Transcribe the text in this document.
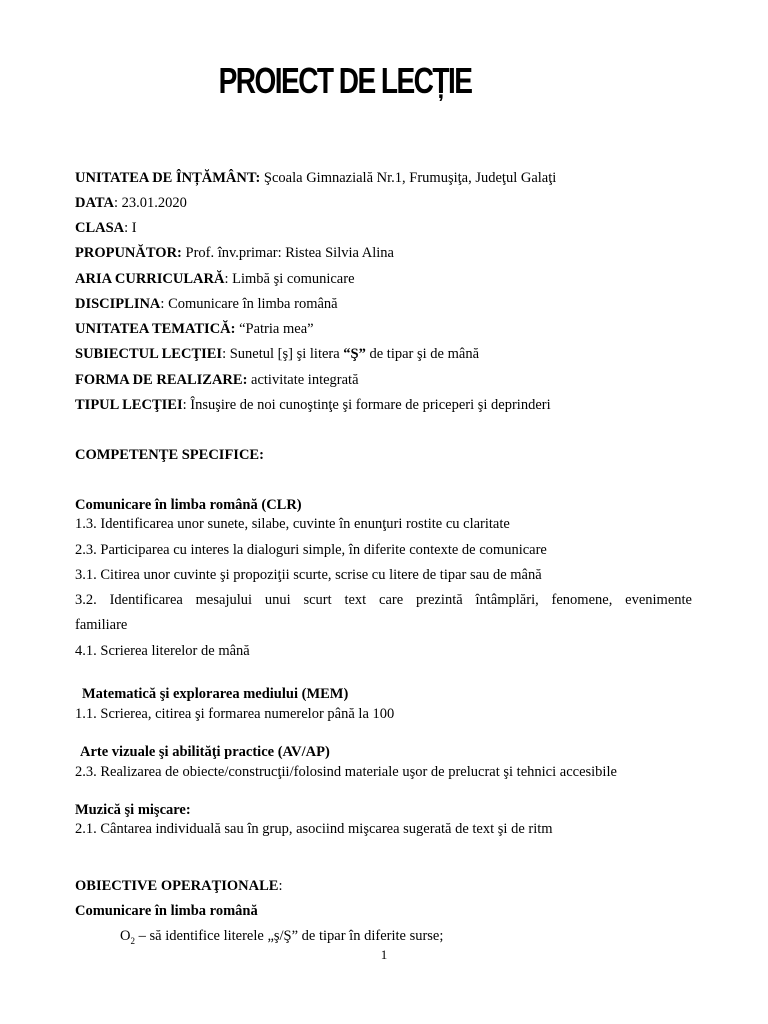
PROIECT DE LECȚIE
UNITATEA DE ÎNȚĂMÂNT: Şcoala Gimnazială Nr.1, Frumuşiţa, Judeţul Galaţi
DATA: 23.01.2020
CLASA: I
PROPUNĂTOR: Prof. înv.primar: Ristea Silvia Alina
ARIA CURRICULARĂ: Limbă şi comunicare
DISCIPLINA: Comunicare în limba română
UNITATEA TEMATICĂ: “Patria mea”
SUBIECTUL LECŢIEI: Sunetul [ş] şi litera “Ş” de tipar şi de mână
FORMA DE REALIZARE: activitate integrată
TIPUL LECŢIEI: Însuşire de noi cunoştinţe şi formare de priceperi şi deprinderi
COMPETENŢE SPECIFICE:
Comunicare în limba română (CLR)
1.3. Identificarea unor sunete, silabe, cuvinte în enunţuri rostite cu claritate
2.3. Participarea cu interes la dialoguri simple, în diferite contexte de comunicare
3.1. Citirea unor cuvinte şi propoziţii scurte, scrise cu litere de tipar sau de mână
3.2. Identificarea mesajului unui scurt text care prezintă întâmplări, fenomene, evenimente
familiare
4.1. Scrierea literelor de mână
Matematică şi explorarea mediului (MEM)
1.1. Scrierea, citirea şi formarea numerelor până la 100
Arte vizuale şi abilităţi practice (AV/AP)
2.3. Realizarea de obiecte/construcţii/folosind materiale uşor de prelucrat şi tehnici accesibile
Muzică şi mişcare:
2.1. Cântarea individuală sau în grup, asociind mişcarea sugerată de text şi de ritm
OBIECTIVE OPERAŢIONALE:
Comunicare în limba română
$O_2$ – să identifice literele „ş/Ş” de tipar în diferite surse;
1
